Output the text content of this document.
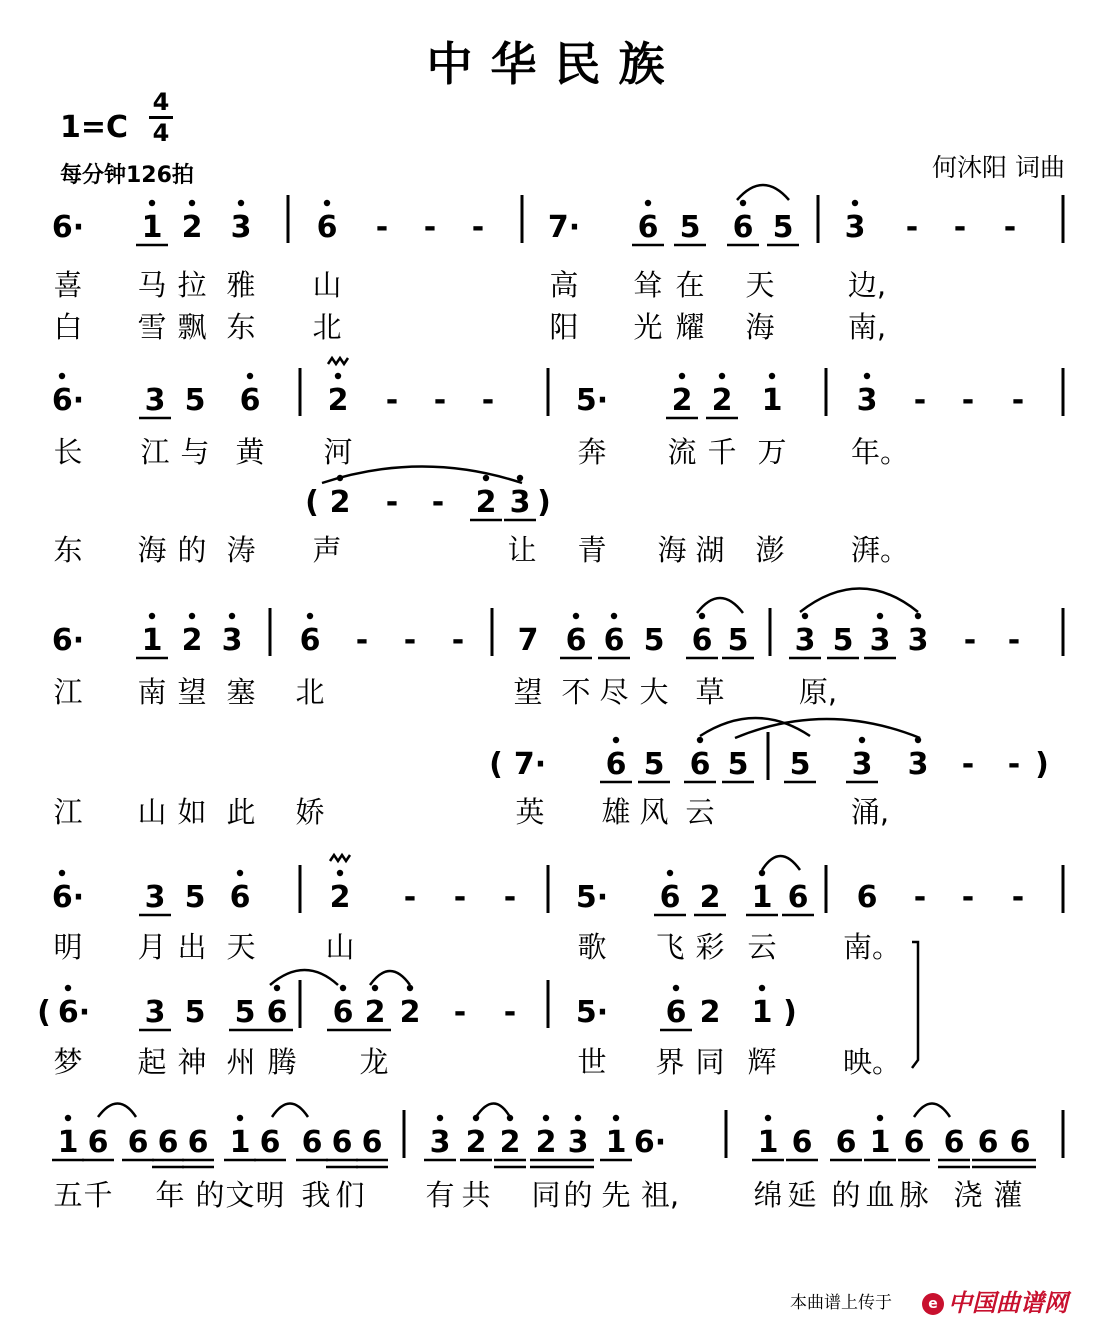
中华民族
1=C
4
4
每分钟126拍	何沐阳 词曲
6· 1 2 3 6 - - - 7· 6 5 6 5 3 - - -
喜 马 拉 雅 山	高 耸 在 天	边,
白 雪 飘 东 北	阳 光 耀 海	南,
6· 3 5 6 2 - - -	5· 2 2 1 3 - - -
长 江 与 黄 河	奔 流 千 万 年。
( 2 - - 2 3 )
东 海 的 涛 声	让 青 海 湖 澎 湃。
6· 1 2 3 6 - - - 7 6 6 5 6 5 3 5 3 3 - -
江 南 望 塞 北	望 不 尽 大 草	原,
( 7· 6 5 6 5 5 3 3 - - )
江 山 如 此 娇	英 雄 风 云	涌,
6· 3 5 6	2 - - - 5· 6 2 1 6 6 - - -
明 月 出 天 山	歌 飞 彩 云 南。
( 6· 3 5 5 6 6 2 2 - - 5· 6 2 1 )
梦 起 神 州 腾 龙	世 界 同 辉 映。
1 6 6 6 6 1 6 6 6 6 3 2 2 2 3 1 6·	1 6 6 1 6 6 6 6
五 千 年 的 文 明 我 们 有 共 同 的 先 祖,	绵 延 的 血 脉 浇 灌
本曲谱上传于	e 中国曲谱网
